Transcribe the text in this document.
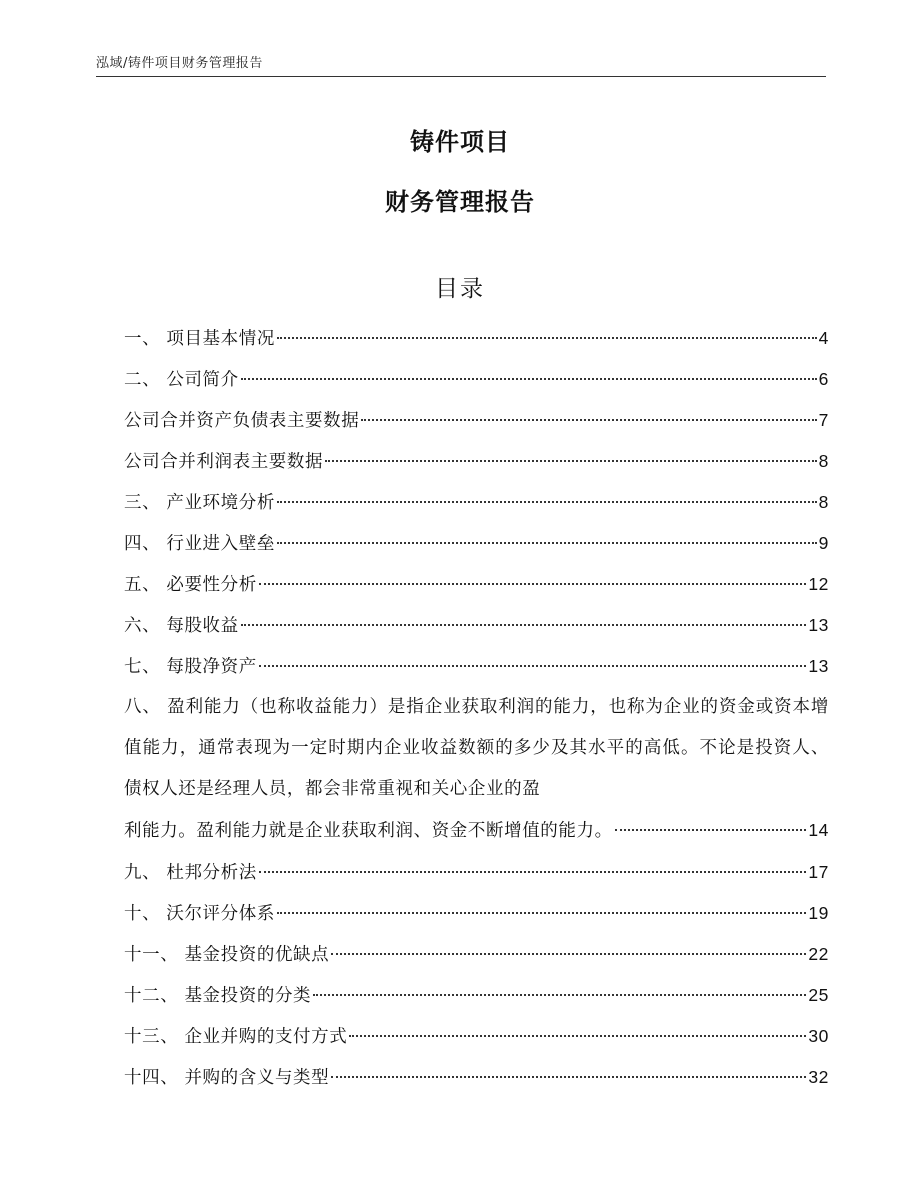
泓域/铸件项目财务管理报告
铸件项目
财务管理报告
目录
一、 项目基本情况	4
二、 公司简介	6
公司合并资产负债表主要数据	7
公司合并利润表主要数据	8
三、 产业环境分析	8
四、 行业进入壁垒	9
五、 必要性分析	12
六、 每股收益	13
七、 每股净资产	13
八、 盈利能力（也称收益能力）是指企业获取利润的能力，也称为企业的资金或资本增值能力，通常表现为一定时期内企业收益数额的多少及其水平的高低。不论是投资人、债权人还是经理人员，都会非常重视和关心企业的盈
利能力。盈利能力就是企业获取利润、资金不断增值的能力。	14
九、 杜邦分析法	17
十、 沃尔评分体系	19
十一、 基金投资的优缺点	22
十二、 基金投资的分类	25
十三、 企业并购的支付方式	30
十四、 并购的含义与类型	32
